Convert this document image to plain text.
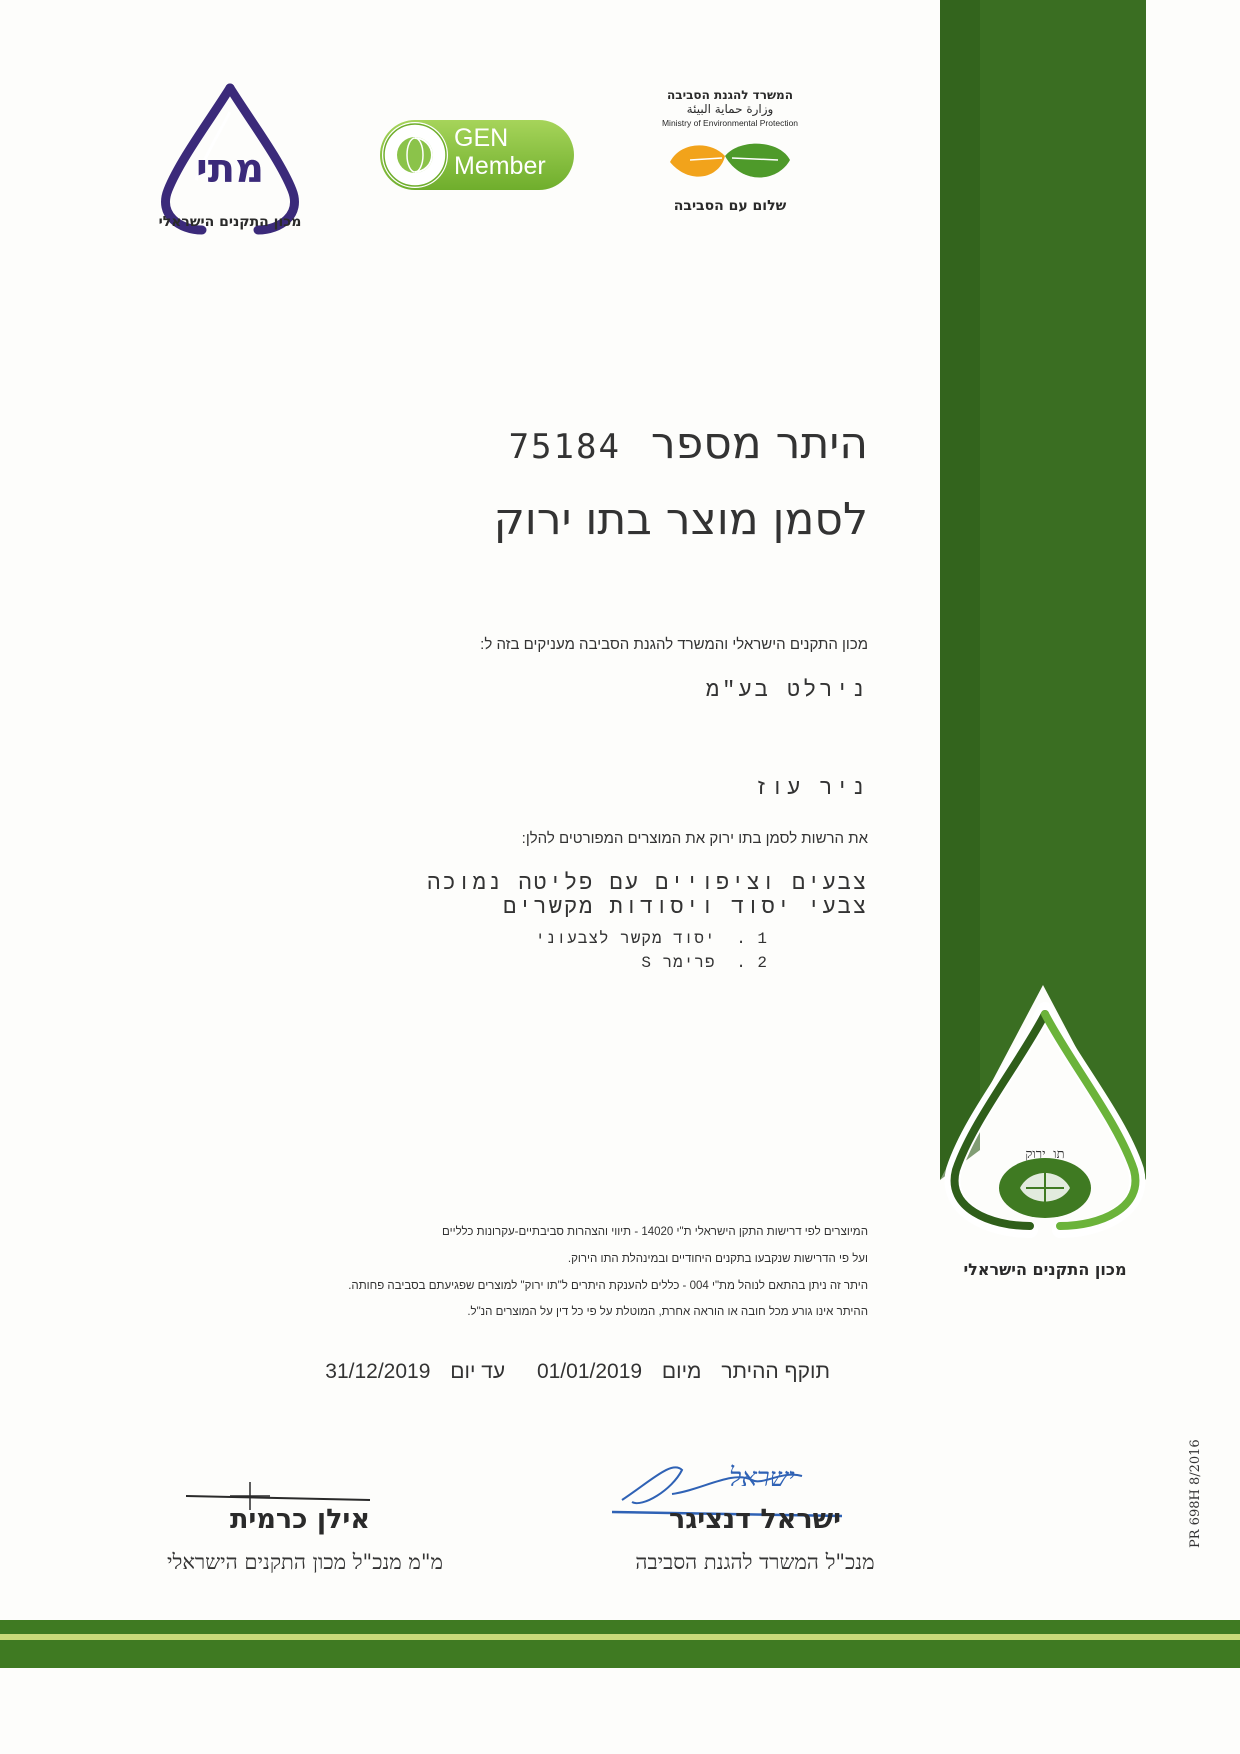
מתי
מכון התקנים הישראלי
GEN
Member
המשרד להגנת הסביבה
وزارة حماية البيئة
Ministry of Environmental Protection
שלום עם הסביבה
תו ירוק
מכון התקנים הישראלי
היתר מספר 75184
לסמן מוצר בתו ירוק
מכון התקנים הישראלי והמשרד להגנת הסביבה מעניקים בזה ל:
נירלט בע"מ
ניר עוז
את הרשות לסמן בתו ירוק את המוצרים המפורטים להלן:
צבעים וציפויים עם פליטה נמוכה
צבעי יסוד ויסודות מקשרים
1 . יסוד מקשר לצבעוני
2 . פרימר S
המיוצרים לפי דרישות התקן הישראלי ת"י 14020 - תיווי והצהרות סביבתיים-עקרונות כלליים
ועל פי הדרישות שנקבעו בתקנים היחודיים ובמינהלת התו הירוק.
היתר זה ניתן בהתאם לנוהל מת"י 004 - כללים להענקת היתרים ל"תו ירוק" למוצרים שפגיעתם בסביבה פחותה.
ההיתר אינו גורע מכל חובה או הוראה אחרת, המוטלת על פי כל דין על המוצרים הנ"ל.
תוקף ההיתר מיום 01/01/2019 עד יום 31/12/2019
ישראל
ישראל דנציגר
מנכ"ל המשרד להגנת הסביבה
אילן כרמית
מ"מ מנכ"ל מכון התקנים הישראלי
PR 698H 8/2016
